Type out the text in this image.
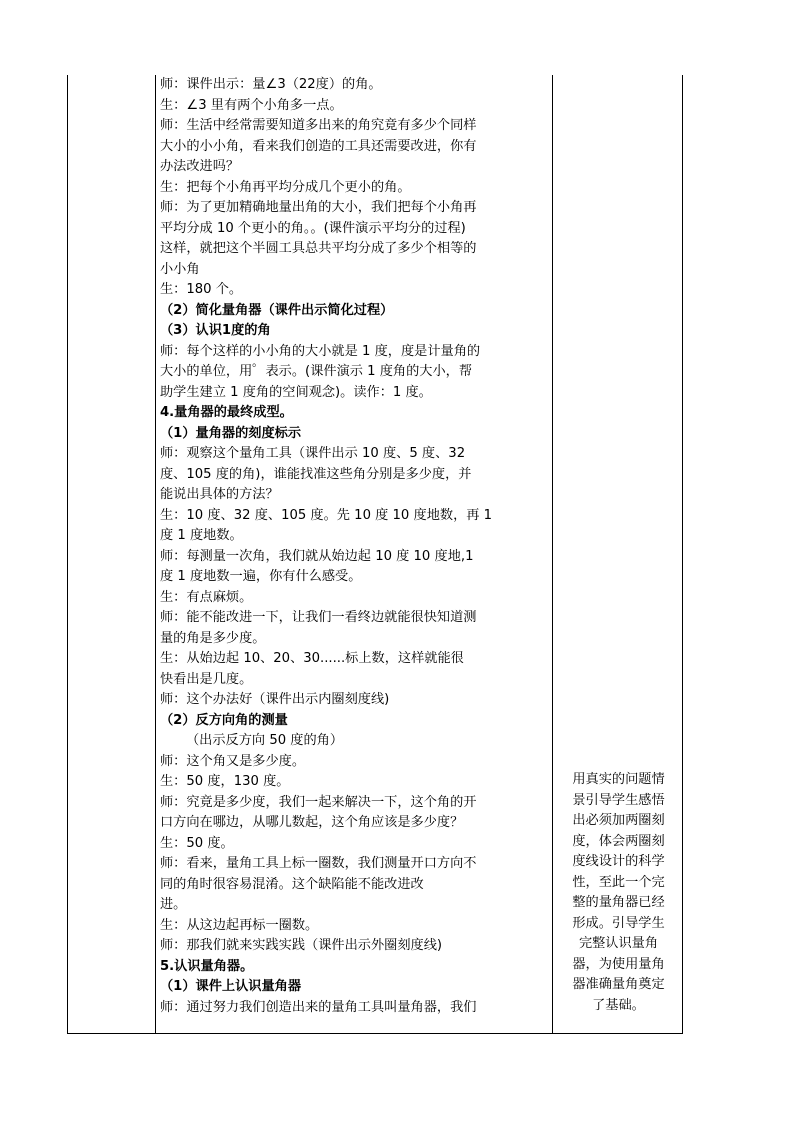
师：课件出示：量∠3（22度）的角。
生：∠3 里有两个小角多一点。
师：生活中经常需要知道多出来的角究竟有多少个同样
大小的小小角，看来我们创造的工具还需要改进，你有
办法改进吗？
生：把每个小角再平均分成几个更小的角。
师：为了更加精确地量出角的大小，我们把每个小角再
平均分成 10 个更小的角。。(课件演示平均分的过程)
这样，就把这个半圆工具总共平均分成了多少个相等的
小小角
生：180 个。
（2）简化量角器（课件出示简化过程）
（3）认识1度的角
师：每个这样的小小角的大小就是 1 度，度是计量角的
大小的单位，用゜表示。(课件演示 1 度角的大小，帮
助学生建立 1 度角的空间观念)。读作：1 度。
4.量角器的最终成型。
（1）量角器的刻度标示
师：观察这个量角工具（课件出示 10 度、5 度、32
度、105 度的角)，谁能找准这些角分别是多少度，并
能说出具体的方法？
生：10 度、32 度、105 度。先 10 度 10 度地数，再 1
度 1 度地数。
师：每测量一次角，我们就从始边起 10 度 10 度地,1
度 1 度地数一遍，你有什么感受。
生：有点麻烦。
师：能不能改进一下，让我们一看终边就能很快知道测
量的角是多少度。
生：从始边起 10、20、30......标上数，这样就能很
快看出是几度。
师：这个办法好（课件出示内圈刻度线)
（2）反方向角的测量
（出示反方向 50 度的角）
师：这个角又是多少度。
生：50 度，130 度。
师：究竟是多少度，我们一起来解决一下，这个角的开
口方向在哪边，从哪儿数起，这个角应该是多少度？
生：50 度。
师：看来，量角工具上标一圈数，我们测量开口方向不
同的角时很容易混淆。这个缺陷能不能改进改
进。
生：从这边起再标一圈数。
师：那我们就来实践实践（课件出示外圈刻度线)
5.认识量角器。
（1）课件上认识量角器
师：通过努力我们创造出来的量角工具叫量角器，我们
用真实的问题情
景引导学生感悟
出必须加两圈刻
度，体会两圈刻
度线设计的科学
性，至此一个完
整的量角器已经
形成。引导学生
完整认识量角
器，为使用量角
器准确量角奠定
了基础。
